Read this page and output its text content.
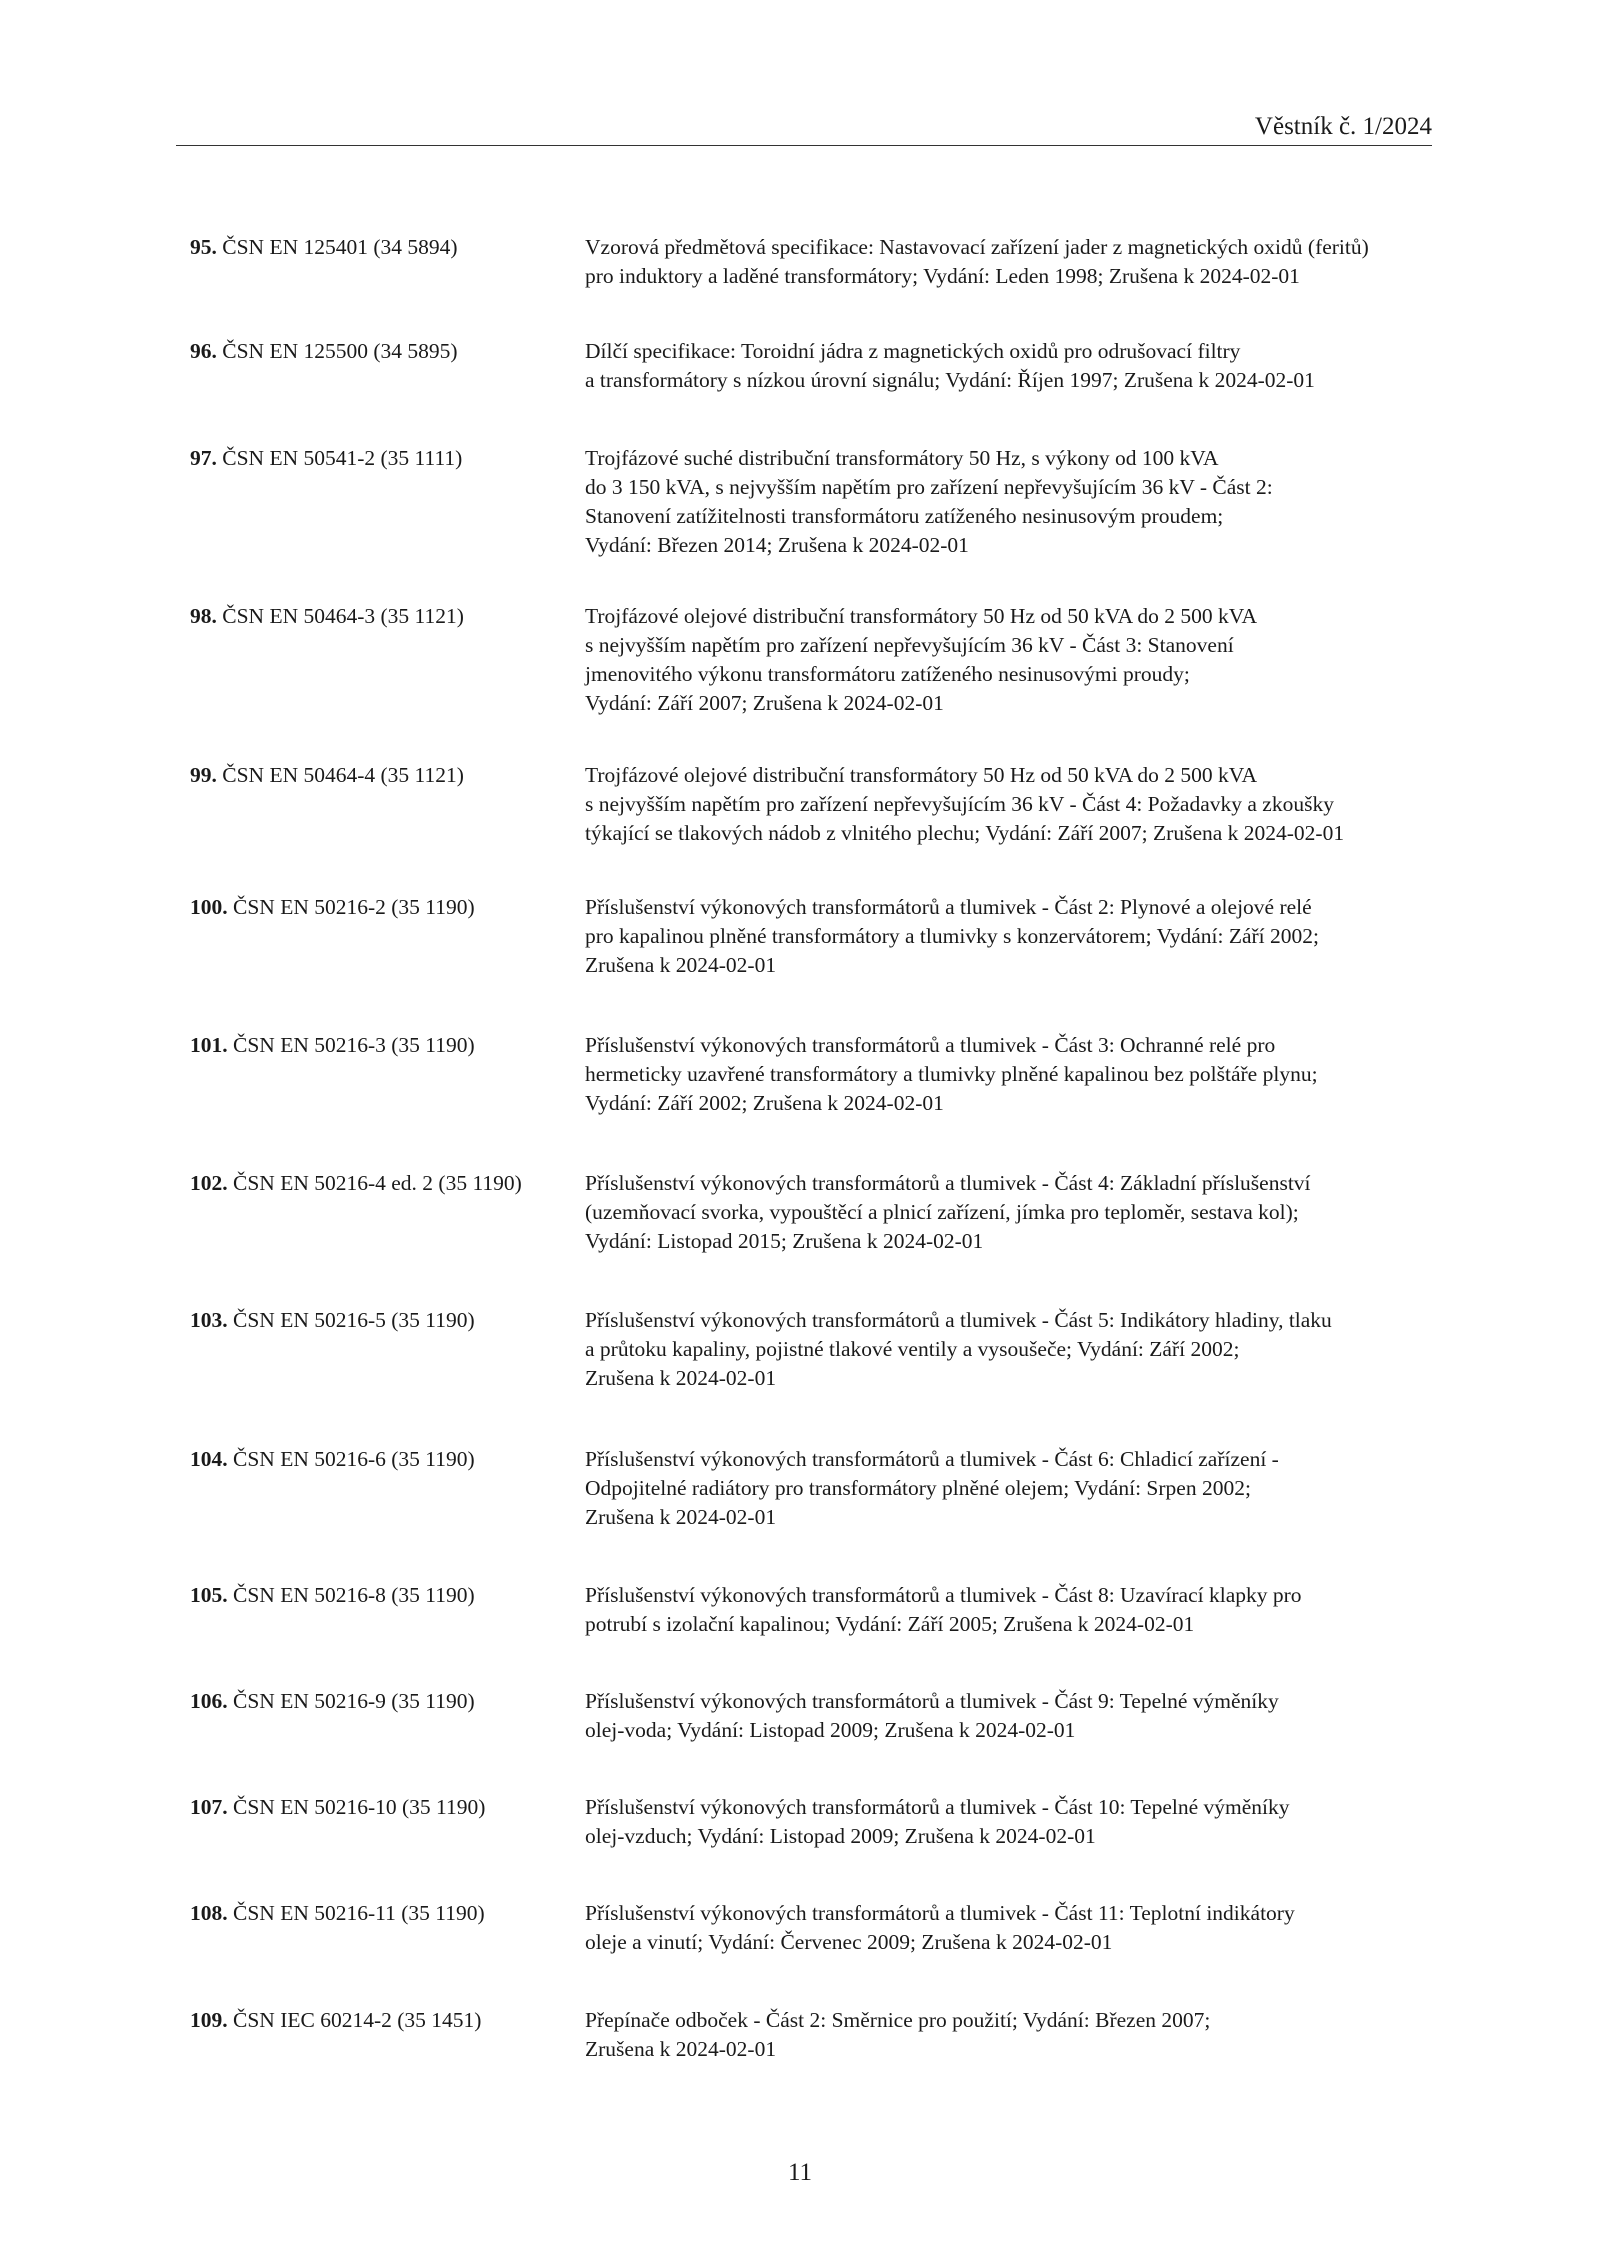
Věstník č. 1/2024
95. ČSN EN 125401 (34 5894)	Vzorová předmětová specifikace: Nastavovací zařízení jader z magnetických oxidů (feritů)
pro induktory a laděné transformátory; Vydání: Leden 1998; Zrušena k 2024-02-01
96. ČSN EN 125500 (34 5895)	Dílčí specifikace: Toroidní jádra z magnetických oxidů pro odrušovací filtry
a transformátory s nízkou úrovní signálu; Vydání: Říjen 1997; Zrušena k 2024-02-01
97. ČSN EN 50541-2 (35 1111)	Trojfázové suché distribuční transformátory 50 Hz, s výkony od 100 kVA
do 3 150 kVA, s nejvyšším napětím pro zařízení nepřevyšujícím 36 kV - Část 2:
Stanovení zatížitelnosti transformátoru zatíženého nesinusovým proudem;
Vydání: Březen 2014; Zrušena k 2024-02-01
98. ČSN EN 50464-3 (35 1121)	Trojfázové olejové distribuční transformátory 50 Hz od 50 kVA do 2 500 kVA
s nejvyšším napětím pro zařízení nepřevyšujícím 36 kV - Část 3: Stanovení
jmenovitého výkonu transformátoru zatíženého nesinusovými proudy;
Vydání: Září 2007; Zrušena k 2024-02-01
99. ČSN EN 50464-4 (35 1121)	Trojfázové olejové distribuční transformátory 50 Hz od 50 kVA do 2 500 kVA
s nejvyšším napětím pro zařízení nepřevyšujícím 36 kV - Část 4: Požadavky a zkoušky
týkající se tlakových nádob z vlnitého plechu; Vydání: Září 2007; Zrušena k 2024-02-01
100. ČSN EN 50216-2 (35 1190)	Příslušenství výkonových transformátorů a tlumivek - Část 2: Plynové a olejové relé
pro kapalinou plněné transformátory a tlumivky s konzervátorem; Vydání: Září 2002;
Zrušena k 2024-02-01
101. ČSN EN 50216-3 (35 1190)	Příslušenství výkonových transformátorů a tlumivek - Část 3: Ochranné relé pro
hermeticky uzavřené transformátory a tlumivky plněné kapalinou bez polštáře plynu;
Vydání: Září 2002; Zrušena k 2024-02-01
102. ČSN EN 50216-4 ed. 2 (35 1190)	Příslušenství výkonových transformátorů a tlumivek - Část 4: Základní příslušenství
(uzemňovací svorka, vypouštěcí a plnicí zařízení, jímka pro teploměr, sestava kol);
Vydání: Listopad 2015; Zrušena k 2024-02-01
103. ČSN EN 50216-5 (35 1190)	Příslušenství výkonových transformátorů a tlumivek - Část 5: Indikátory hladiny, tlaku
a průtoku kapaliny, pojistné tlakové ventily a vysoušeče; Vydání: Září 2002;
Zrušena k 2024-02-01
104. ČSN EN 50216-6 (35 1190)	Příslušenství výkonových transformátorů a tlumivek - Část 6: Chladicí zařízení -
Odpojitelné radiátory pro transformátory plněné olejem; Vydání: Srpen 2002;
Zrušena k 2024-02-01
105. ČSN EN 50216-8 (35 1190)	Příslušenství výkonových transformátorů a tlumivek - Část 8: Uzavírací klapky pro
potrubí s izolační kapalinou; Vydání: Září 2005; Zrušena k 2024-02-01
106. ČSN EN 50216-9 (35 1190)	Příslušenství výkonových transformátorů a tlumivek - Část 9: Tepelné výměníky
olej-voda; Vydání: Listopad 2009; Zrušena k 2024-02-01
107. ČSN EN 50216-10 (35 1190)	Příslušenství výkonových transformátorů a tlumivek - Část 10: Tepelné výměníky
olej-vzduch; Vydání: Listopad 2009; Zrušena k 2024-02-01
108. ČSN EN 50216-11 (35 1190)	Příslušenství výkonových transformátorů a tlumivek - Část 11: Teplotní indikátory
oleje a vinutí; Vydání: Červenec 2009; Zrušena k 2024-02-01
109. ČSN IEC 60214-2 (35 1451)	Přepínače odboček - Část 2: Směrnice pro použití; Vydání: Březen 2007;
Zrušena k 2024-02-01
11
